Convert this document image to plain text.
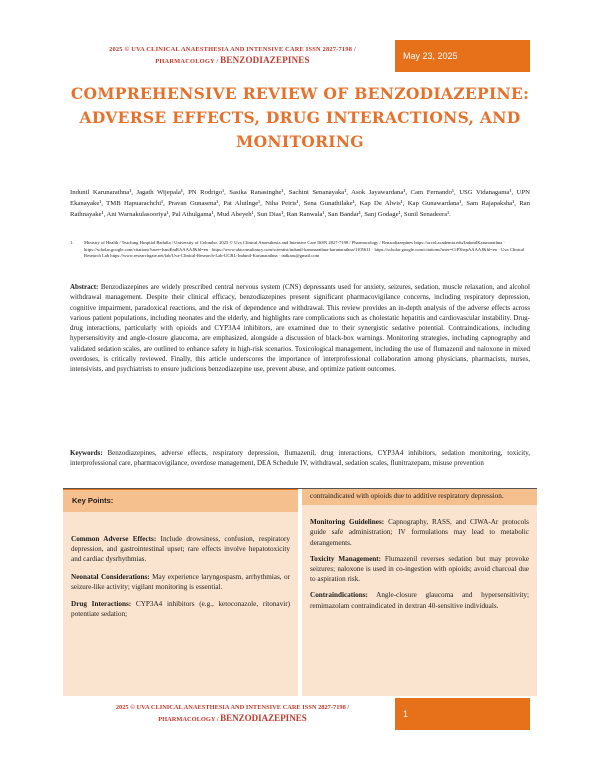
2025 © UVA CLINICAL ANAESTHESIA AND INTENSIVE CARE ISSN 2827-7198 /
PHARMACOLOGY / BENZODIAZEPINES	May 23, 2025
COMPREHENSIVE REVIEW OF BENZODIAZEPINE: ADVERSE EFFECTS, DRUG INTERACTIONS, AND MONITORING
Indunil Karunarathna¹, Jagath Wijepala¹, PN Rodrigo¹, Sasika Ranasinghe¹, Sachini Senanayaka¹, Asok Jayawardana¹, Cam Fernando¹, USG Vidanagama¹, UPN Ekanayake¹, TMB Hapuarachchi¹, Pravan Gunasena¹, Pat Alutlnge¹, Niha Peiris¹, Sena Gunathilake¹, Kap De Alwis¹, Kap Gunawardana¹, Sam Rajapaksha¹, Ran Rathnayake¹, Ani Warnakulasooriya¹, Pal Athulgama¹, Mud Abeyeh¹, Sun Dias¹, Ran Ranwala¹, San Bandar¹, Sanj Godage¹, Sunil Senadeera¹.
1.	Ministry of Health / Teaching Hospital Badulla / University of Colombo. 2025 © Uva Clinical Anaesthesia and Intensive Care ISSN 2827-7198 / Pharmacology / Benzodiazepines https://orcid.academia.edu/IndunilKarunarathna · https://scholar.google.com/citations?user=IsnuEmRAAAAJ&hl=en · https://www.uktconsultancy.com/scientist/indunil-karunarathna-karunarathna/1105611 · https://scholar.google.com/citations?user=CiP3hepAAAAJ&hl=en · Uva Clinical Research Lab https://www.researchgate.net/lab/Uva-Clinical-Research-Lab-UCRL-Indunil-Karunarathna · indkaru@gmail.com
Abstract: Benzodiazepines are widely prescribed central nervous system (CNS) depressants used for anxiety, seizures, sedation, muscle relaxation, and alcohol withdrawal management. Despite their clinical efficacy, benzodiazepines present significant pharmacovigilance concerns, including respiratory depression, cognitive impairment, paradoxical reactions, and the risk of dependence and withdrawal. This review provides an in-depth analysis of the adverse effects across various patient populations, including neonates and the elderly, and highlights rare complications such as cholestatic hepatitis and cardiovascular instability. Drug-drug interactions, particularly with opioids and CYP3A4 inhibitors, are examined due to their synergistic sedative potential. Contraindications, including hypersensitivity and angle-closure glaucoma, are emphasized, alongside a discussion of black-box warnings. Monitoring strategies, including capnography and validated sedation scales, are outlined to enhance safety in high-risk scenarios. Toxicological management, including the use of flumazenil and naloxone in mixed overdoses, is critically reviewed. Finally, this article underscores the importance of interprofessional collaboration among physicians, pharmacists, nurses, intensivists, and psychiatrists to ensure judicious benzodiazepine use, prevent abuse, and optimize patient outcomes.
Keywords: Benzodiazepines, adverse effects, respiratory depression, flumazenil, drug interactions, CYP3A4 inhibitors, sedation monitoring, toxicity, interprofessional care, pharmacovigilance, overdose management, DEA Schedule IV, withdrawal, sedation scales, flunitrazepam, misuse prevention
Key Points:

Common Adverse Effects: Include drowsiness, confusion, respiratory depression, and gastrointestinal upset; rare effects involve hepatotoxicity and cardiac dysrhythmias.

Neonatal Considerations: May experience laryngospasm, arrhythmias, or seizure-like activity; vigilant monitoring is essential.

Drug Interactions: CYP3A4 inhibitors (e.g., ketoconazole, ritonavir) potentiate sedation;

contraindicated with opioids due to additive respiratory depression.

Monitoring Guidelines: Capnography, RASS, and CIWA-Ar protocols guide safe administration; IV formulations may lead to metabolic derangements.

Toxicity Management: Flumazenil reverses sedation but may provoke seizures; naloxone is used in co-ingestion with opioids; avoid charcoal due to aspiration risk.

Contraindications: Angle-closure glaucoma and hypersensitivity; remimazolam contraindicated in dextran 40-sensitive individuals.

2025 © UVA CLINICAL ANAESTHESIA AND INTENSIVE CARE ISSN 2827-7198 /
PHARMACOLOGY / BENZODIAZEPINES	1
